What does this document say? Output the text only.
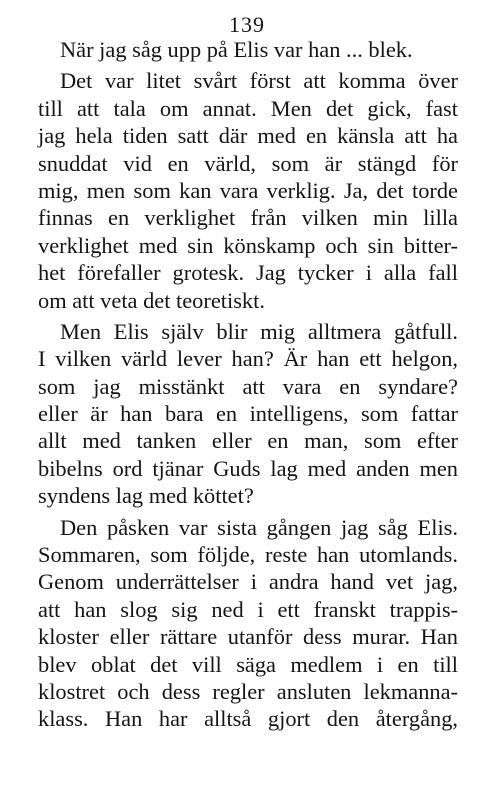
139
När jag såg upp på Elis var han ... blek.
Det var litet svårt först att komma över
till att tala om annat. Men det gick, fast
jag hela tiden satt där med en känsla att ha
snuddat vid en värld, som är stängd för
mig, men som kan vara verklig. Ja, det torde
finnas en verklighet från vilken min lilla
verklighet med sin könskamp och sin bitter-
het förefaller grotesk. Jag tycker i alla fall
om att veta det teoretiskt.
Men Elis själv blir mig alltmera gåtfull.
I vilken värld lever han? Är han ett helgon,
som jag misstänkt att vara en syndare?
eller är han bara en intelligens, som fattar
allt med tanken eller en man, som efter
bibelns ord tjänar Guds lag med anden men
syndens lag med köttet?
Den påsken var sista gången jag såg Elis.
Sommaren, som följde, reste han utomlands.
Genom underrättelser i andra hand vet jag,
att han slog sig ned i ett franskt trappis-
kloster eller rättare utanför dess murar. Han
blev oblat det vill säga medlem i en till
klostret och dess regler ansluten lekmanna-
klass. Han har alltså gjort den återgång,
